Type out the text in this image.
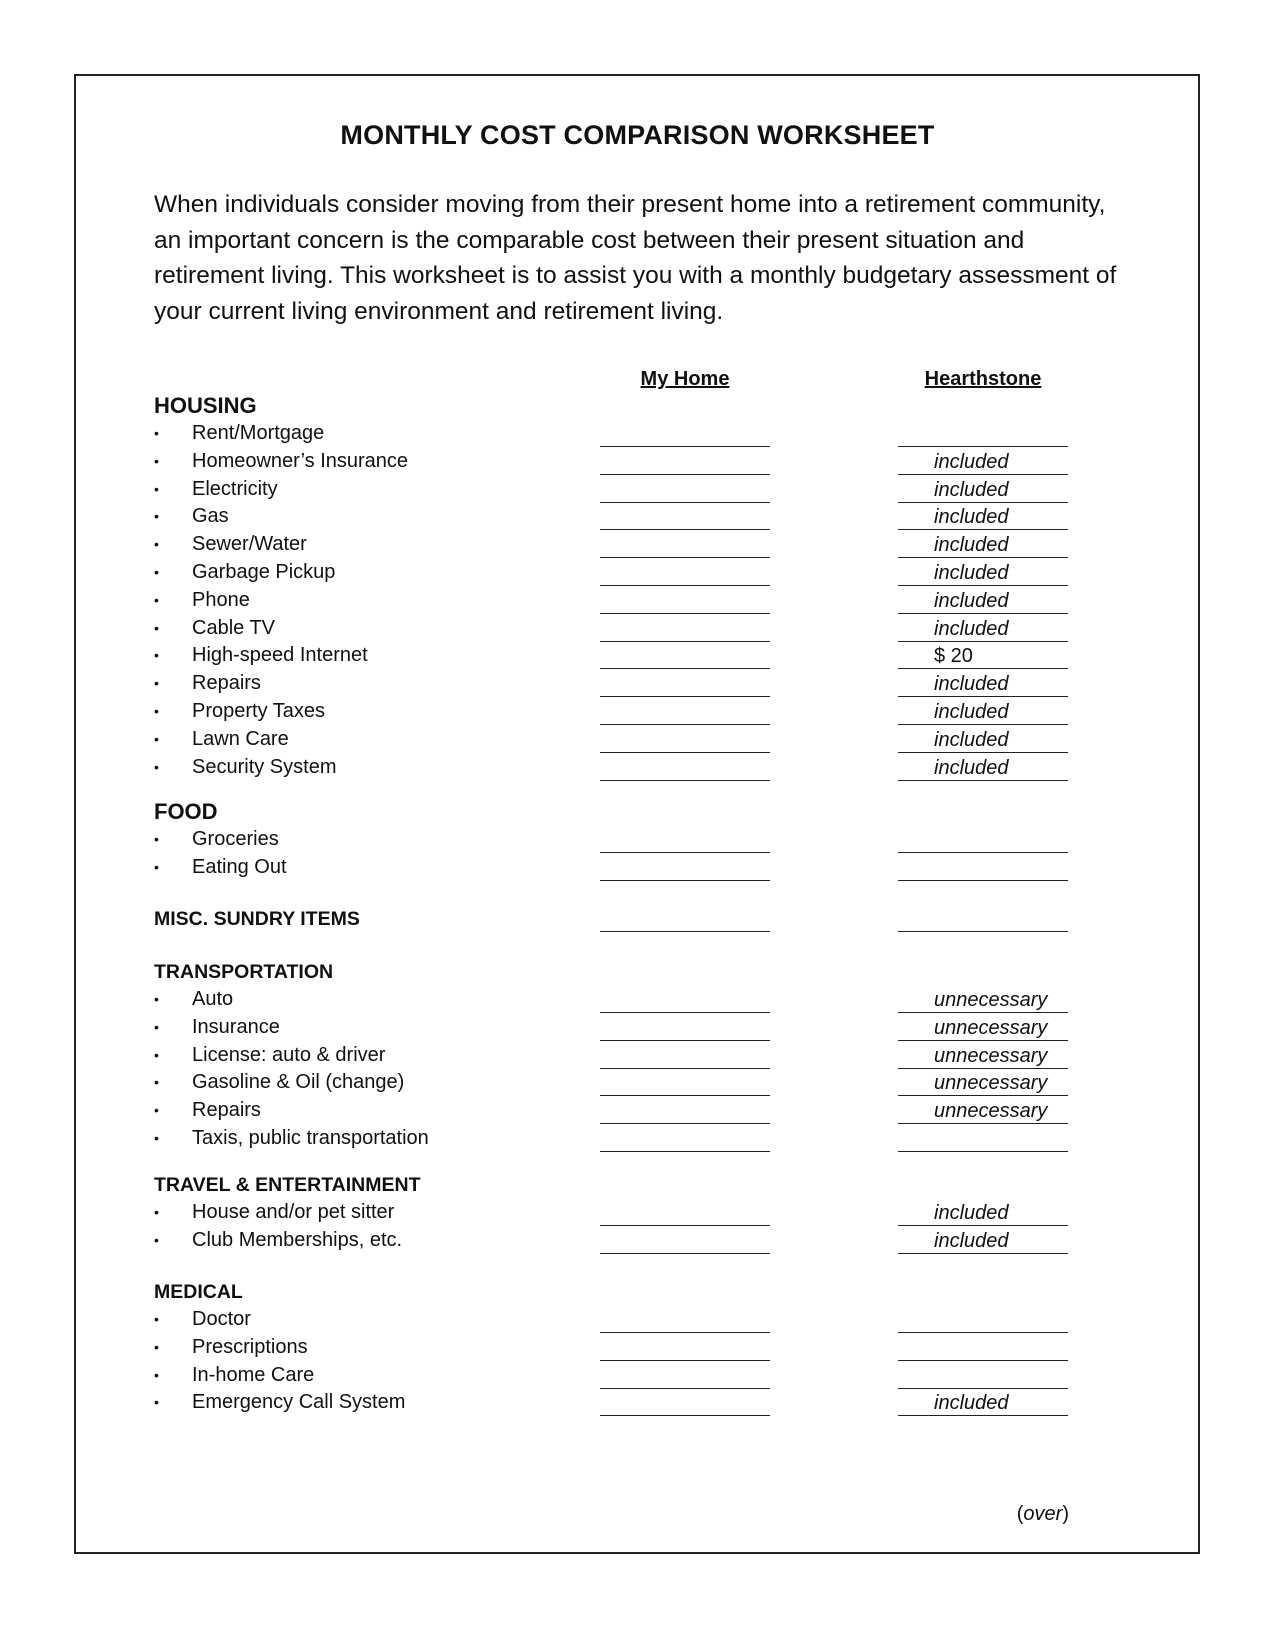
MONTHLY COST COMPARISON WORKSHEET
When individuals consider moving from their present home into a retirement community, an important concern is the comparable cost between their present situation and retirement living. This worksheet is to assist you with a monthly budgetary assessment of your current living environment and retirement living.
My Home	Hearthstone
HOUSING
• Rent/Mortgage
• Homeowner’s Insurance	included
• Electricity	included
• Gas	included
• Sewer/Water	included
• Garbage Pickup	included
• Phone	included
• Cable TV	included
• High-speed Internet	$ 20
• Repairs	included
• Property Taxes	included
• Lawn Care	included
• Security System	included
FOOD
• Groceries
• Eating Out
MISC. SUNDRY ITEMS
TRANSPORTATION
• Auto	unnecessary
• Insurance	unnecessary
• License: auto & driver	unnecessary
• Gasoline & Oil (change)	unnecessary
• Repairs	unnecessary
• Taxis, public transportation
TRAVEL & ENTERTAINMENT
• House and/or pet sitter	included
• Club Memberships, etc.	included
MEDICAL
• Doctor
• Prescriptions
• In-home Care
• Emergency Call System	included
(over)
